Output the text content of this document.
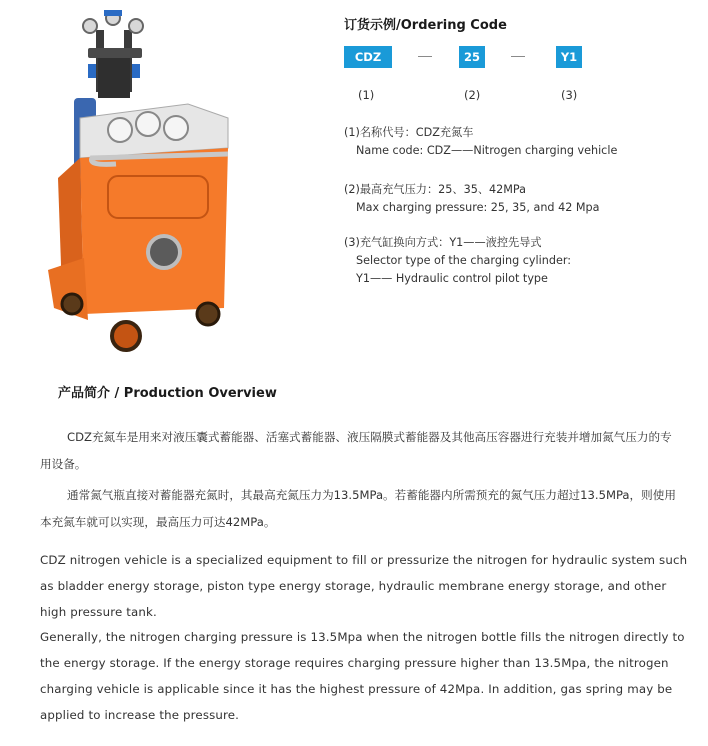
订货示例/Ordering Code
CDZ	25	Y1
(1)	(2)	(3)
(1)名称代号：CDZ充氮车
Name code: CDZ——Nitrogen charging vehicle
(2)最高充气压力：25、35、42MPa
Max charging pressure: 25, 35, and 42 Mpa
(3)充气缸换向方式：Y1——液控先导式
Selector type of the charging cylinder:
Y1—— Hydraulic control pilot type
产品简介 / Production Overview
CDZ充氮车是用来对液压囊式蓄能器、活塞式蓄能器、液压隔膜式蓄能器及其他高压容器进行充装并增加氮气压力的专用设备。
通常氮气瓶直接对蓄能器充氮时，其最高充氮压力为13.5MPa。若蓄能器内所需预充的氮气压力超过13.5MPa，则使用本充氮车就可以实现，最高压力可达42MPa。
CDZ nitrogen vehicle is a specialized equipment to fill or pressurize the nitrogen for hydraulic system such as bladder energy storage, piston type energy storage, hydraulic membrane energy storage, and other high pressure tank.
Generally, the nitrogen charging pressure is 13.5Mpa when the nitrogen bottle fills the nitrogen directly to the energy storage. If the energy storage requires charging pressure higher than 13.5Mpa, the nitrogen charging vehicle is applicable since it has the highest pressure of 42Mpa. In addition, gas spring may be applied to increase the pressure.
